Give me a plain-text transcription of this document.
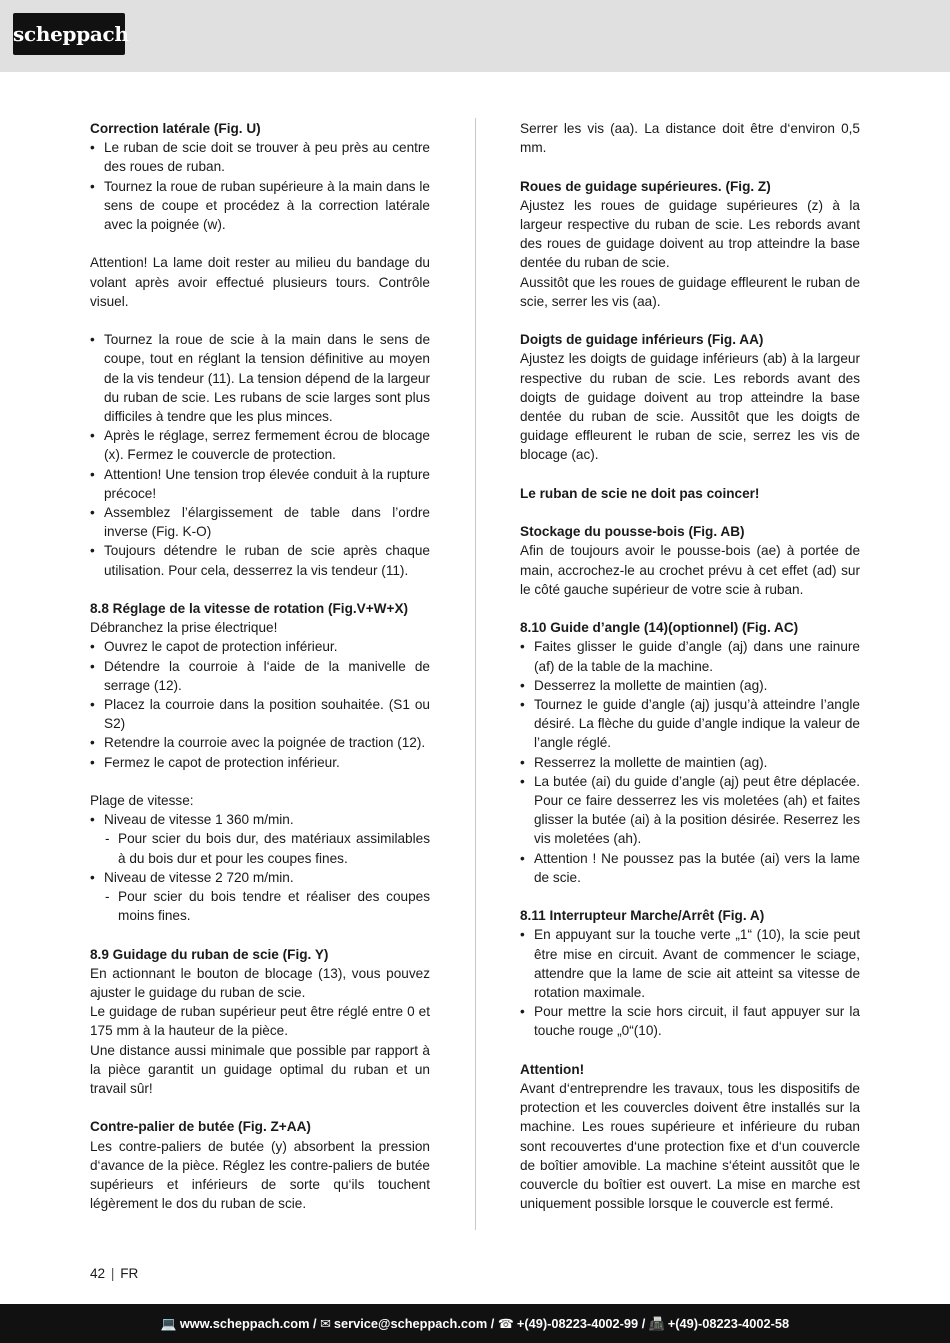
scheppach

Correction latérale (Fig. U)

• Le ruban de scie doit se trouver à peu près au centre des roues de ruban.
• Tournez la roue de ruban supérieure à la main dans le sens de coupe et procédez à la correction latérale avec la poignée (w).

Attention! La lame doit rester au milieu du bandage du volant après avoir effectué plusieurs tours. Contrôle visuel.

• Tournez la roue de scie à la main dans le sens de coupe, tout en réglant la tension définitive au moyen de la vis tendeur (11). La tension dépend de la largeur du ruban de scie. Les rubans de scie larges sont plus difficiles à tendre que les plus minces.
• Après le réglage, serrez fermement écrou de blocage (x). Fermez le couvercle de protection.
• Attention! Une tension trop élevée conduit à la rupture précoce!
• Assemblez l’élargissement de table dans l’ordre inverse (Fig. K-O)
• Toujours détendre le ruban de scie après chaque utilisation. Pour cela, desserrez la vis tendeur (11).

8.8 Réglage de la vitesse de rotation (Fig.V+W+X)

Débranchez la prise électrique!

• Ouvrez le capot de protection inférieur.
• Détendre la courroie à l‘aide de la manivelle de serrage (12).
• Placez la courroie dans la position souhaitée. (S1 ou S2)
• Retendre la courroie avec la poignée de traction (12).
• Fermez le capot de protection inférieur.

Plage de vitesse:

• Niveau de vitesse 1 360 m/min.
- Pour scier du bois dur, des matériaux assimilables à du bois dur et pour les coupes fines.
• Niveau de vitesse 2 720 m/min.
- Pour scier du bois tendre et réaliser des coupes moins fines.

8.9 Guidage du ruban de scie (Fig. Y)

En actionnant le bouton de blocage (13), vous pouvez ajuster le guidage du ruban de scie.

Le guidage de ruban supérieur peut être réglé entre 0 et 175 mm à la hauteur de la pièce.

Une distance aussi minimale que possible par rapport à la pièce garantit un guidage optimal du ruban et un travail sûr!

Contre-palier de butée (Fig. Z+AA)

Les contre-paliers de butée (y) absorbent la pression d‘avance de la pièce. Réglez les contre-paliers de butée supérieurs et inférieurs de sorte qu‘ils touchent légèrement le dos du ruban de scie.

Serrer les vis (aa). La distance doit être d‘environ 0,5 mm.

Roues de guidage supérieures. (Fig. Z)

Ajustez les roues de guidage supérieures (z) à la largeur respective du ruban de scie. Les rebords avant des roues de guidage doivent au trop atteindre la base dentée du ruban de scie.

Aussitôt que les roues de guidage effleurent le ruban de scie, serrer les vis (aa).

Doigts de guidage inférieurs (Fig. AA)

Ajustez les doigts de guidage inférieurs (ab) à la largeur respective du ruban de scie. Les rebords avant des doigts de guidage doivent au trop atteindre la base dentée du ruban de scie. Aussitôt que les doigts de guidage effleurent le ruban de scie, serrez les vis de blocage (ac).

Le ruban de scie ne doit pas coincer!

Stockage du pousse-bois (Fig. AB)

Afin de toujours avoir le pousse-bois (ae) à portée de main, accrochez-le au crochet prévu à cet effet (ad) sur le côté gauche supérieur de votre scie à ruban.

8.10 Guide d’angle (14)(optionnel) (Fig. AC)

• Faites glisser le guide d’angle (aj) dans une rainure (af) de la table de la machine.
• Desserrez la mollette de maintien (ag).
• Tournez le guide d’angle (aj) jusqu’à atteindre l’angle désiré. La flèche du guide d’angle indique la valeur de l’angle réglé.
• Resserrez la mollette de maintien (ag).
• La butée (ai) du guide d’angle (aj) peut être déplacée. Pour ce faire desserrez les vis moletées (ah) et faites glisser la butée (ai) à la position désirée. Reserrez les vis moletées (ah).
• Attention ! Ne poussez pas la butée (ai) vers la lame de scie.

8.11 Interrupteur Marche/Arrêt (Fig. A)

• En appuyant sur la touche verte „1“ (10), la scie peut être mise en circuit. Avant de commencer le sciage, attendre que la lame de scie ait atteint sa vitesse de rotation maximale.
• Pour mettre la scie hors circuit, il faut appuyer sur la touche rouge „0“(10).

Attention!

Avant d‘entreprendre les travaux, tous les dispositifs de protection et les couvercles doivent être installés sur la machine. Les roues supérieure et inférieure du ruban sont recouvertes d‘une protection fixe et d‘un couvercle de boîtier amovible. La machine s‘éteint aussitôt que le couvercle du boîtier est ouvert. La mise en marche est uniquement possible lorsque le couvercle est fermé.

42 | FR
💻 www.scheppach.com / ✉ service@scheppach.com / ☎ +(49)-08223-4002-99 / 📠 +(49)-08223-4002-58
